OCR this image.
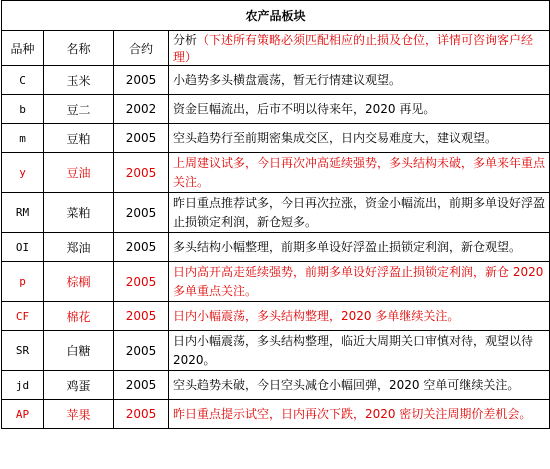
农产品板块			
品种	名称	合约	分析（下述所有策略必须匹配相应的止损及仓位，详情可咨询客户经理）
C	玉米	2005	小趋势多头横盘震荡，暂无行情建议观望。
b	豆二	2002	资金巨幅流出，后市不明以待来年，2020 再见。
m	豆粕	2005	空头趋势行至前期密集成交区，日内交易难度大，建议观望。
y	豆油	2005	上周建议试多，今日再次冲高延续强势，多头结构未破，多单来年重点关注。
RM	菜粕	2005	昨日重点推荐试多，今日再次拉涨，资金小幅流出，前期多单设好浮盈止损锁定利润，新仓短多。
OI	郑油	2005	多头结构小幅整理，前期多单设好浮盈止损锁定利润，新仓观望。
p	棕榈	2005	日内高开高走延续强势，前期多单设好浮盈止损锁定利润，新仓 2020 多单重点关注。
CF	棉花	2005	日内小幅震荡，多头结构整理，2020 多单继续关注。
SR	白糖	2005	日内小幅震荡，多头结构整理，临近大周期关口审慎对待，观望以待 2020。
jd	鸡蛋	2005	空头趋势未破，今日空头减仓小幅回弹，2020 空单可继续关注。
AP	苹果	2005	昨日重点提示试空，日内再次下跌，2020 密切关注周期价差机会。
